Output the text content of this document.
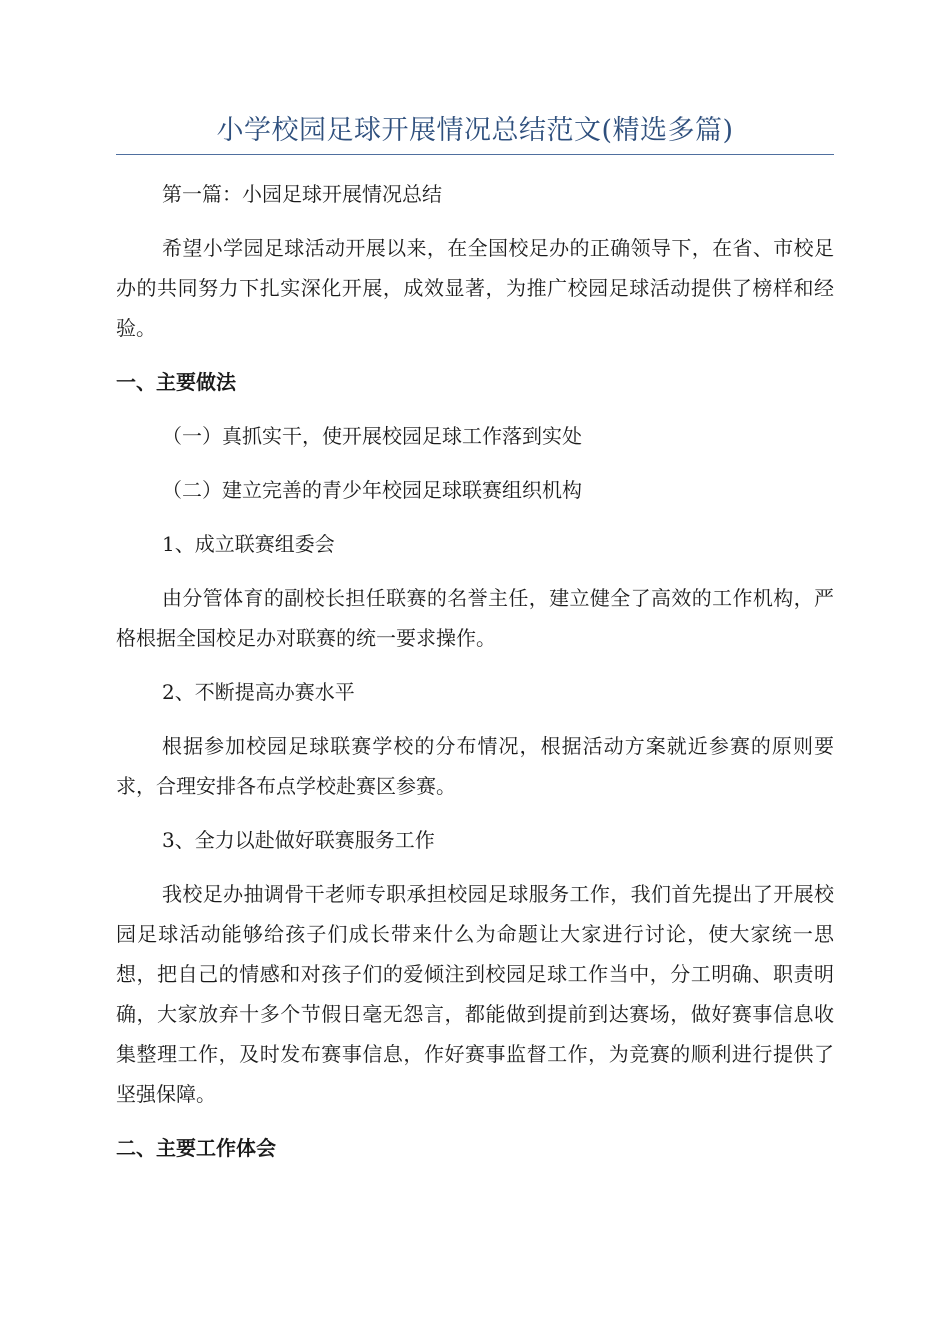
小学校园足球开展情况总结范文(精选多篇)

第一篇：小园足球开展情况总结

希望小学园足球活动开展以来，在全国校足办的正确领导下，在省、市校足办的共同努力下扎实深化开展，成效显著，为推广校园足球活动提供了榜样和经验。

一、主要做法

（一）真抓实干，使开展校园足球工作落到实处

（二）建立完善的青少年校园足球联赛组织机构

1、成立联赛组委会

由分管体育的副校长担任联赛的名誉主任，建立健全了高效的工作机构，严格根据全国校足办对联赛的统一要求操作。

2、不断提高办赛水平

根据参加校园足球联赛学校的分布情况，根据活动方案就近参赛的原则要求，合理安排各布点学校赴赛区参赛。

3、全力以赴做好联赛服务工作

我校足办抽调骨干老师专职承担校园足球服务工作，我们首先提出了开展校园足球活动能够给孩子们成长带来什么为命题让大家进行讨论，使大家统一思想，把自己的情感和对孩子们的爱倾注到校园足球工作当中，分工明确、职责明确，大家放弃十多个节假日毫无怨言，都能做到提前到达赛场，做好赛事信息收集整理工作，及时发布赛事信息，作好赛事监督工作，为竞赛的顺利进行提供了坚强保障。

二、主要工作体会
